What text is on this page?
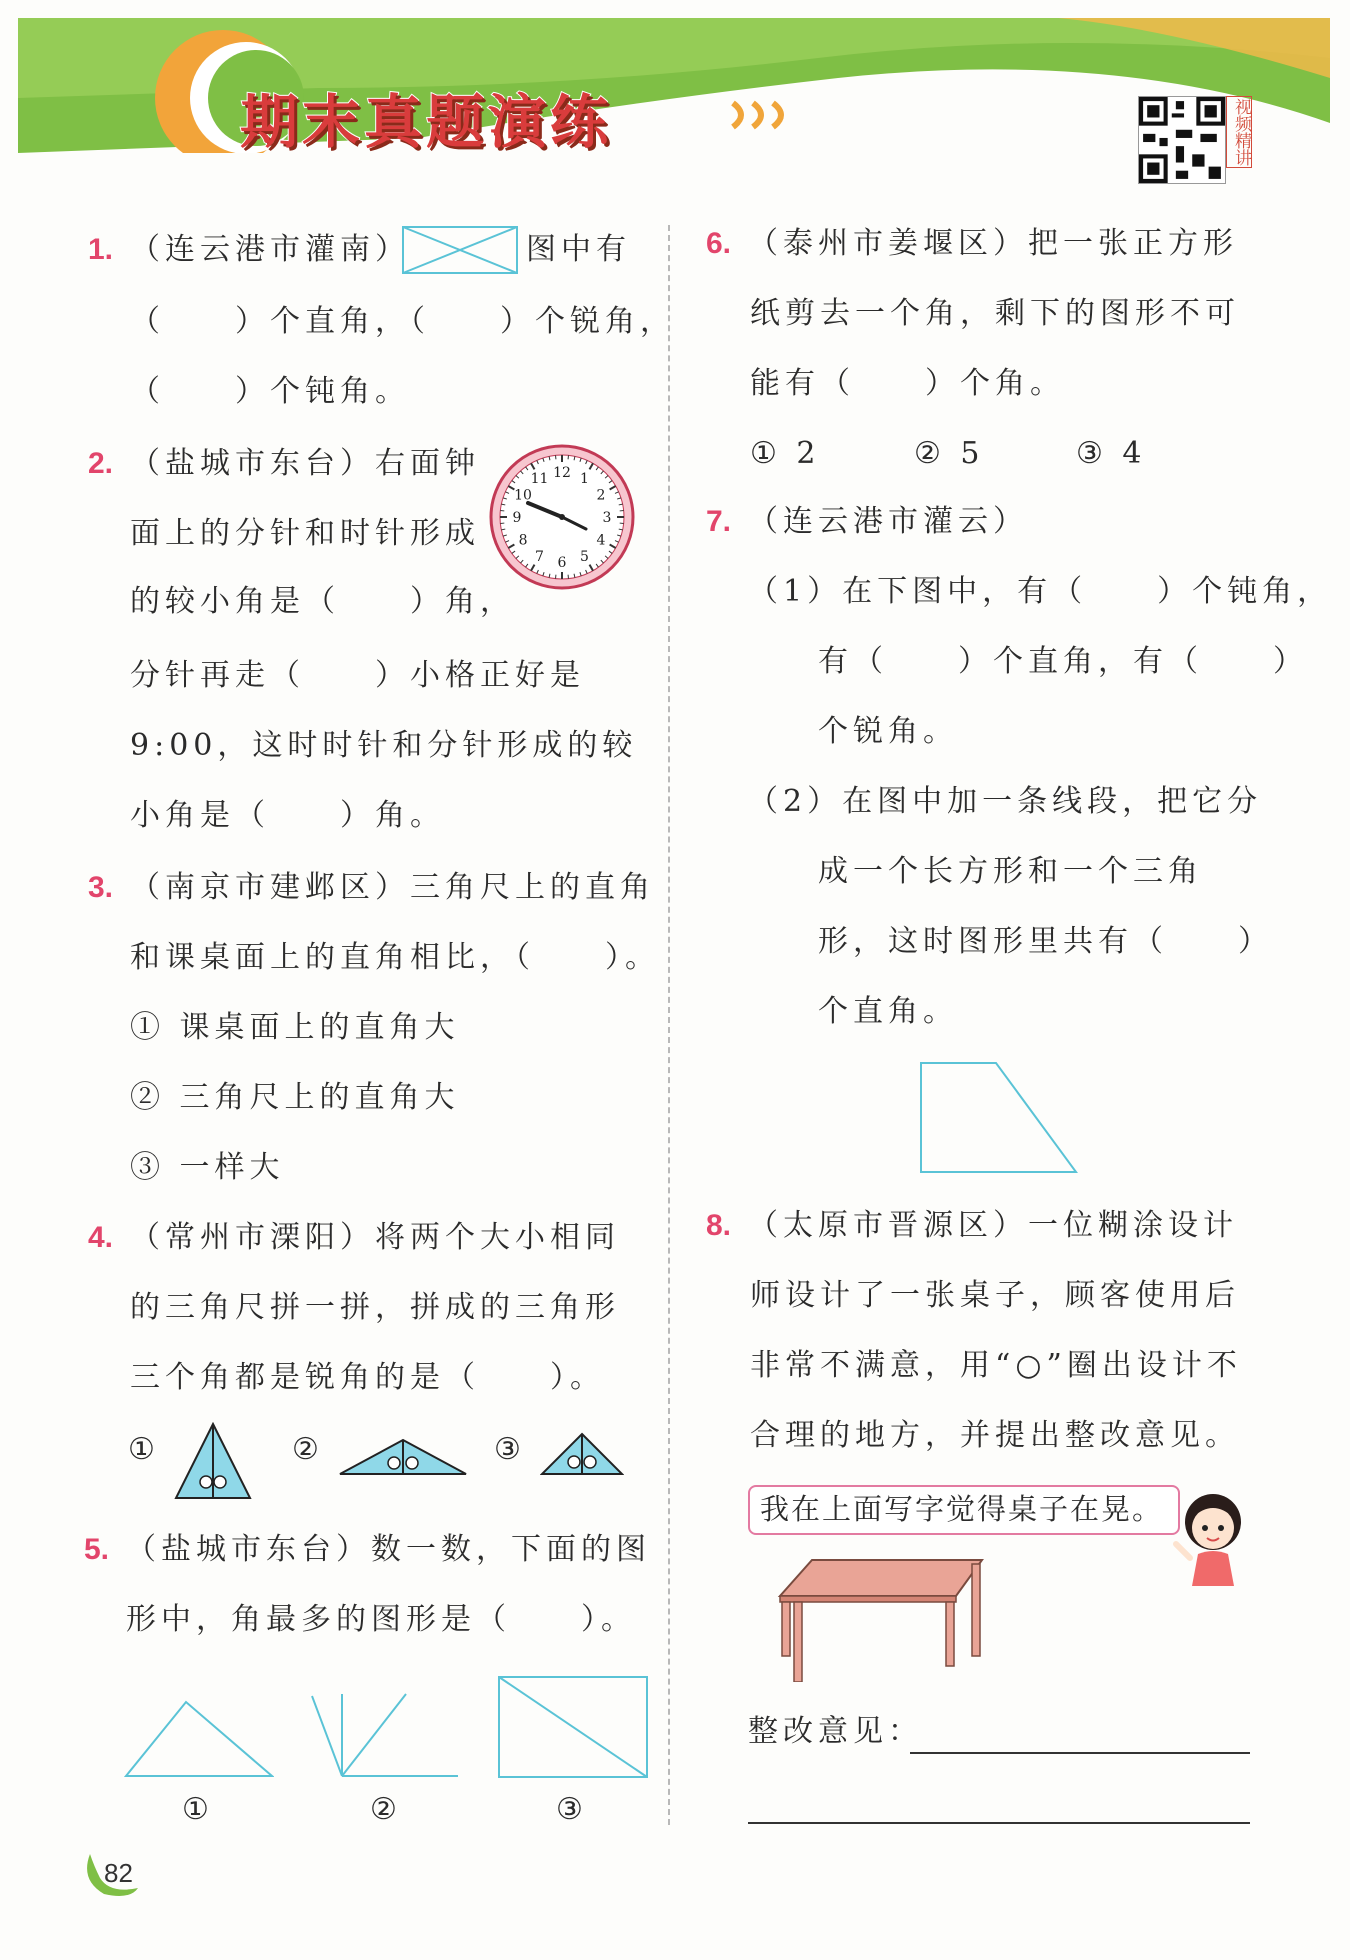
期末真题演练	视频精讲
1. （连云港市灌南）	图中有
（　　）个直角，（　　）个锐角，
（　　）个钝角。
2. （盐城市东台）右面钟
面上的分针和时针形成
的较小角是（　　）角，
分针再走（　　）小格正好是
9:00，这时时针和分针形成的较
小角是（　　）角。
12 1
2
3
4
5
6
7
8
9
10
11
3. （南京市建邺区）三角尺上的直角
和课桌面上的直角相比，（　　）。
① 课桌面上的直角大
② 三角尺上的直角大
③ 一样大
4. （常州市溧阳）将两个大小相同
的三角尺拼一拼，拼成的三角形
三个角都是锐角的是（　　）。
①	②	③
5. （盐城市东台）数一数，下面的图
形中，角最多的图形是（　　）。
①	②	③
6. （泰州市姜堰区）把一张正方形
纸剪去一个角，剩下的图形不可
能有（　　）个角。
① 2	② 5	③ 4
7. （连云港市灌云）
（1）在下图中，有（　　）个钝角，
有（　　）个直角，有（　　）
个锐角。
（2）在图中加一条线段，把它分
成一个长方形和一个三角
形，这时图形里共有（　　）
个直角。
8. （太原市晋源区）一位糊涂设计
师设计了一张桌子，顾客使用后
非常不满意，用“○”圈出设计不
合理的地方，并提出整改意见。
我在上面写字觉得桌子在晃。
整改意见：
82
